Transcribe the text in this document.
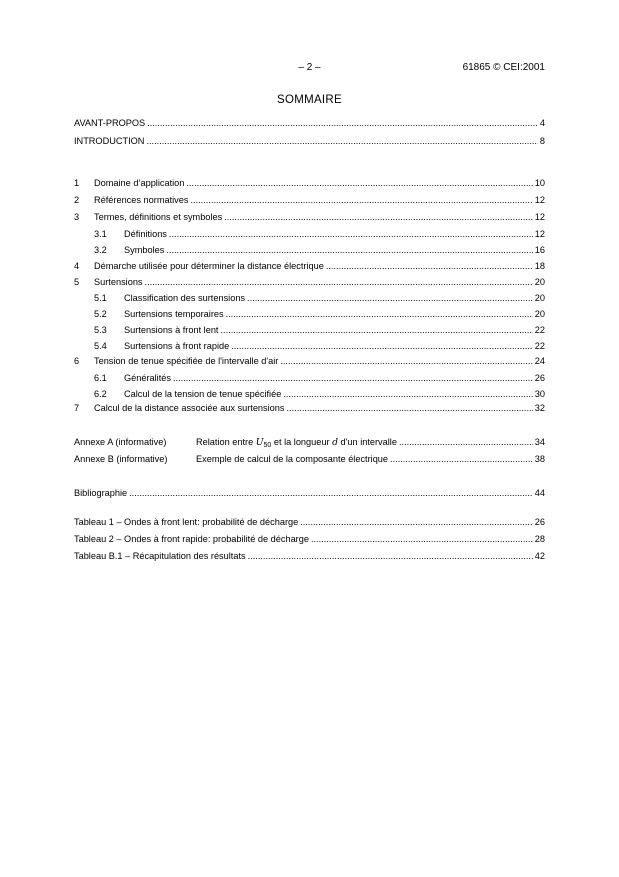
– 2 –	61865 © CEI:2001
SOMMAIRE
AVANT-PROPOS .....	4
INTRODUCTION .....	8
1	Domaine d’application .....	10
2	Références normatives .....	12
3	Termes, définitions et symboles .....	12
3.1	Définitions .....	12
3.2	Symboles .....	16
4	Démarche utilisée pour déterminer la distance électrique .....	18
5	Surtensions .....	20
5.1	Classification des surtensions .....	20
5.2	Surtensions temporaires .....	20
5.3	Surtensions à front lent .....	22
5.4	Surtensions à front rapide .....	22
6	Tension de tenue spécifiée de l'intervalle d'air .....	24
6.1	Généralités .....	26
6.2	Calcul de la tension de tenue spécifiée .....	30
7	Calcul de la distance associée aux surtensions .....	32
Annexe A (informative)	Relation entre $U_{50}$ et la longueur d d'un intervalle .....	34
Annexe B (informative)	Exemple de calcul de la composante électrique .....	38
Bibliographie .....	44
Tableau 1 – Ondes à front lent: probabilité de décharge .....	26
Tableau 2 – Ondes à front rapide: probabilité de décharge .....	28
Tableau B.1 – Récapitulation des résultats .....	42
